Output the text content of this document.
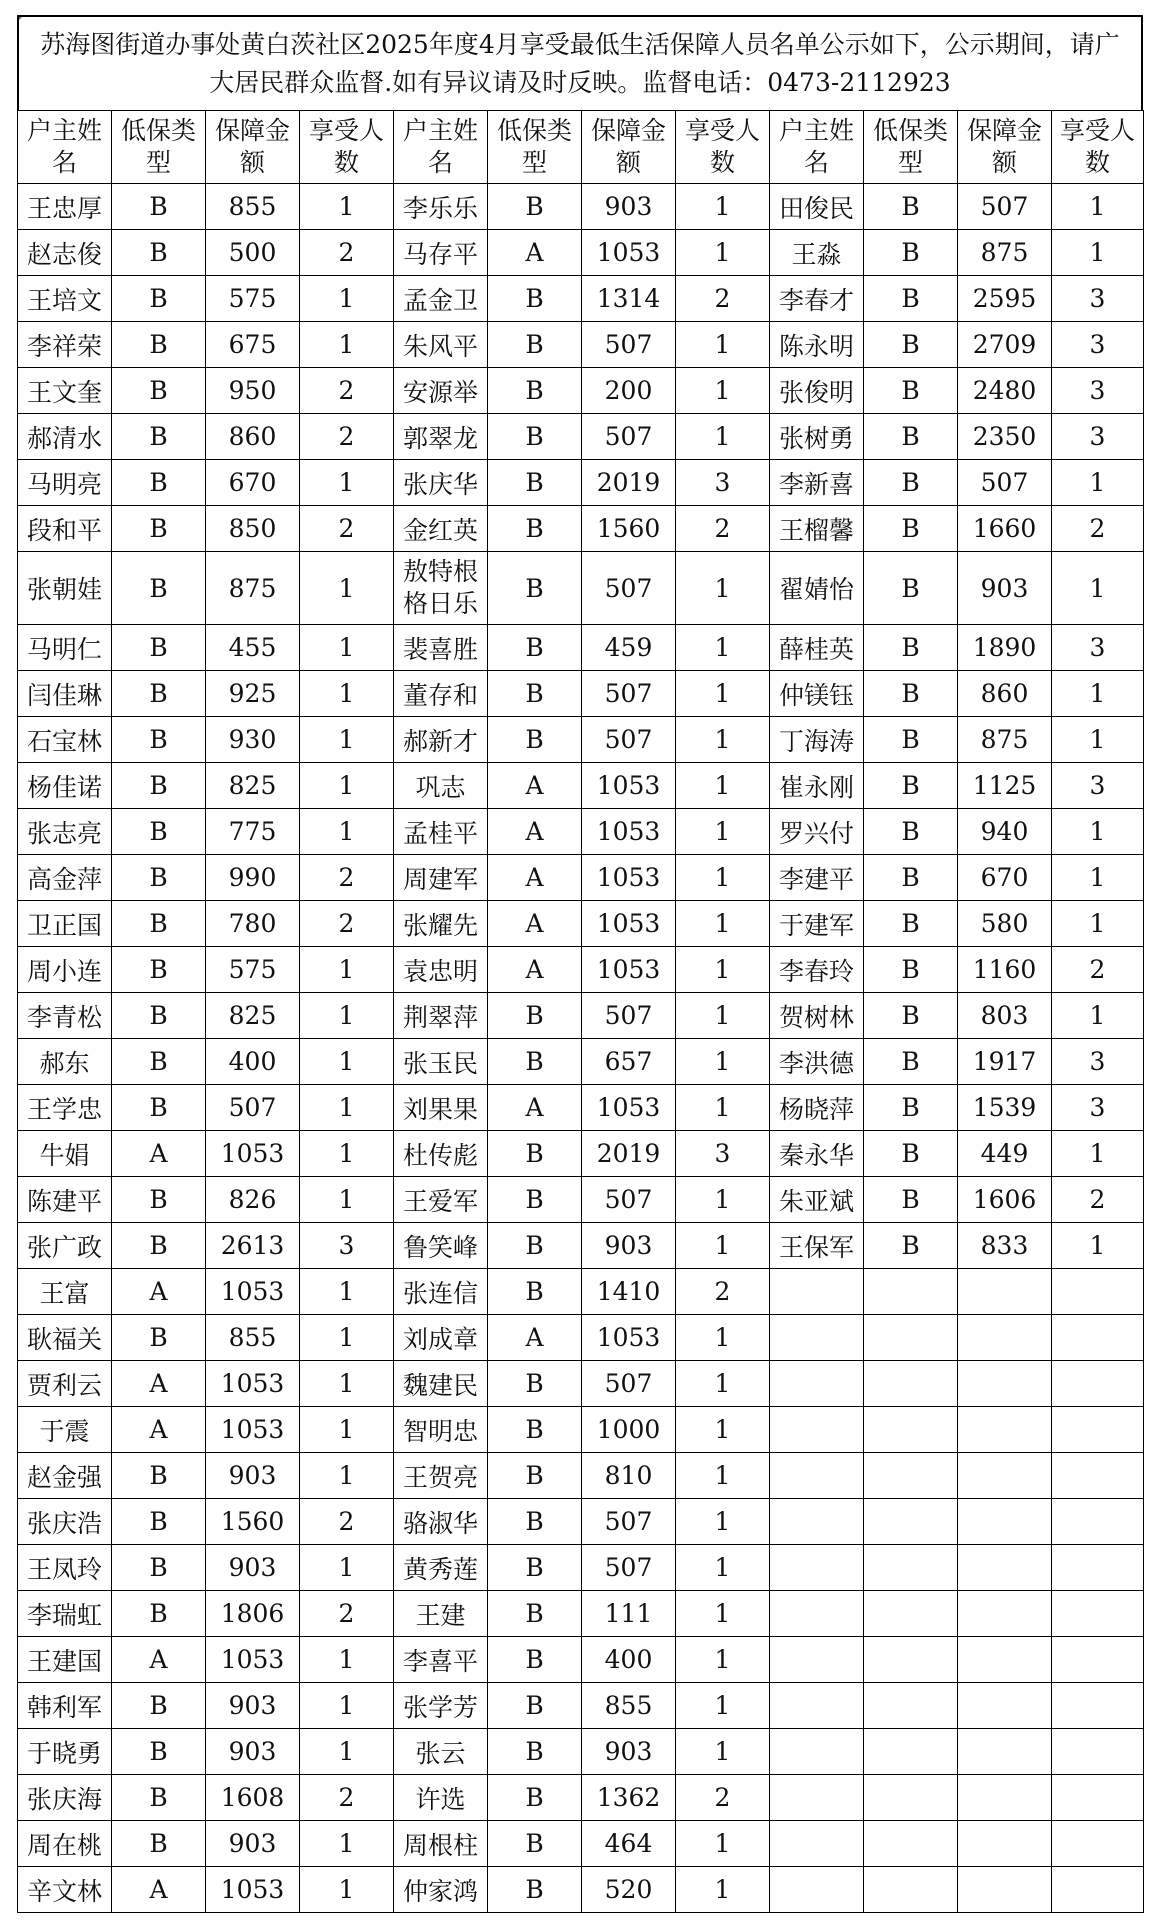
苏海图街道办事处黄白茨社区2025年度4月享受最低生活保障人员名单公示如下，公示期间，请广
大居民群众监督.如有异议请及时反映。监督电话：0473-2112923
户主姓名	低保类型	保障金额	享受人数	户主姓名	低保类型	保障金额	享受人数	户主姓名	低保类型	保障金额	享受人数
王忠厚	B	855	1	李乐乐	B	903	1	田俊民	B	507	1
赵志俊	B	500	2	马存平	A	1053	1	王淼	B	875	1
王培文	B	575	1	孟金卫	B	1314	2	李春才	B	2595	3
李祥荣	B	675	1	朱风平	B	507	1	陈永明	B	2709	3
王文奎	B	950	2	安源举	B	200	1	张俊明	B	2480	3
郝清水	B	860	2	郭翠龙	B	507	1	张树勇	B	2350	3
马明亮	B	670	1	张庆华	B	2019	3	李新喜	B	507	1
段和平	B	850	2	金红英	B	1560	2	王榴馨	B	1660	2
张朝娃	B	875	1	敖特根格日乐	B	507	1	翟婧怡	B	903	1
马明仁	B	455	1	裴喜胜	B	459	1	薛桂英	B	1890	3
闫佳琳	B	925	1	董存和	B	507	1	仲镁钰	B	860	1
石宝林	B	930	1	郝新才	B	507	1	丁海涛	B	875	1
杨佳诺	B	825	1	巩志	A	1053	1	崔永刚	B	1125	3
张志亮	B	775	1	孟桂平	A	1053	1	罗兴付	B	940	1
高金萍	B	990	2	周建军	A	1053	1	李建平	B	670	1
卫正国	B	780	2	张耀先	A	1053	1	于建军	B	580	1
周小连	B	575	1	袁忠明	A	1053	1	李春玲	B	1160	2
李青松	B	825	1	荆翠萍	B	507	1	贺树林	B	803	1
郝东	B	400	1	张玉民	B	657	1	李洪德	B	1917	3
王学忠	B	507	1	刘果果	A	1053	1	杨晓萍	B	1539	3
牛娟	A	1053	1	杜传彪	B	2019	3	秦永华	B	449	1
陈建平	B	826	1	王爱军	B	507	1	朱亚斌	B	1606	2
张广政	B	2613	3	鲁笑峰	B	903	1	王保军	B	833	1
王富	A	1053	1	张连信	B	1410	2				
耿福关	B	855	1	刘成章	A	1053	1				
贾利云	A	1053	1	魏建民	B	507	1				
于震	A	1053	1	智明忠	B	1000	1				
赵金强	B	903	1	王贺亮	B	810	1				
张庆浩	B	1560	2	骆淑华	B	507	1				
王凤玲	B	903	1	黄秀莲	B	507	1				
李瑞虹	B	1806	2	王建	B	111	1				
王建国	A	1053	1	李喜平	B	400	1				
韩利军	B	903	1	张学芳	B	855	1				
于晓勇	B	903	1	张云	B	903	1				
张庆海	B	1608	2	许选	B	1362	2				
周在桃	B	903	1	周根柱	B	464	1				
辛文林	A	1053	1	仲家鸿	B	520	1				
